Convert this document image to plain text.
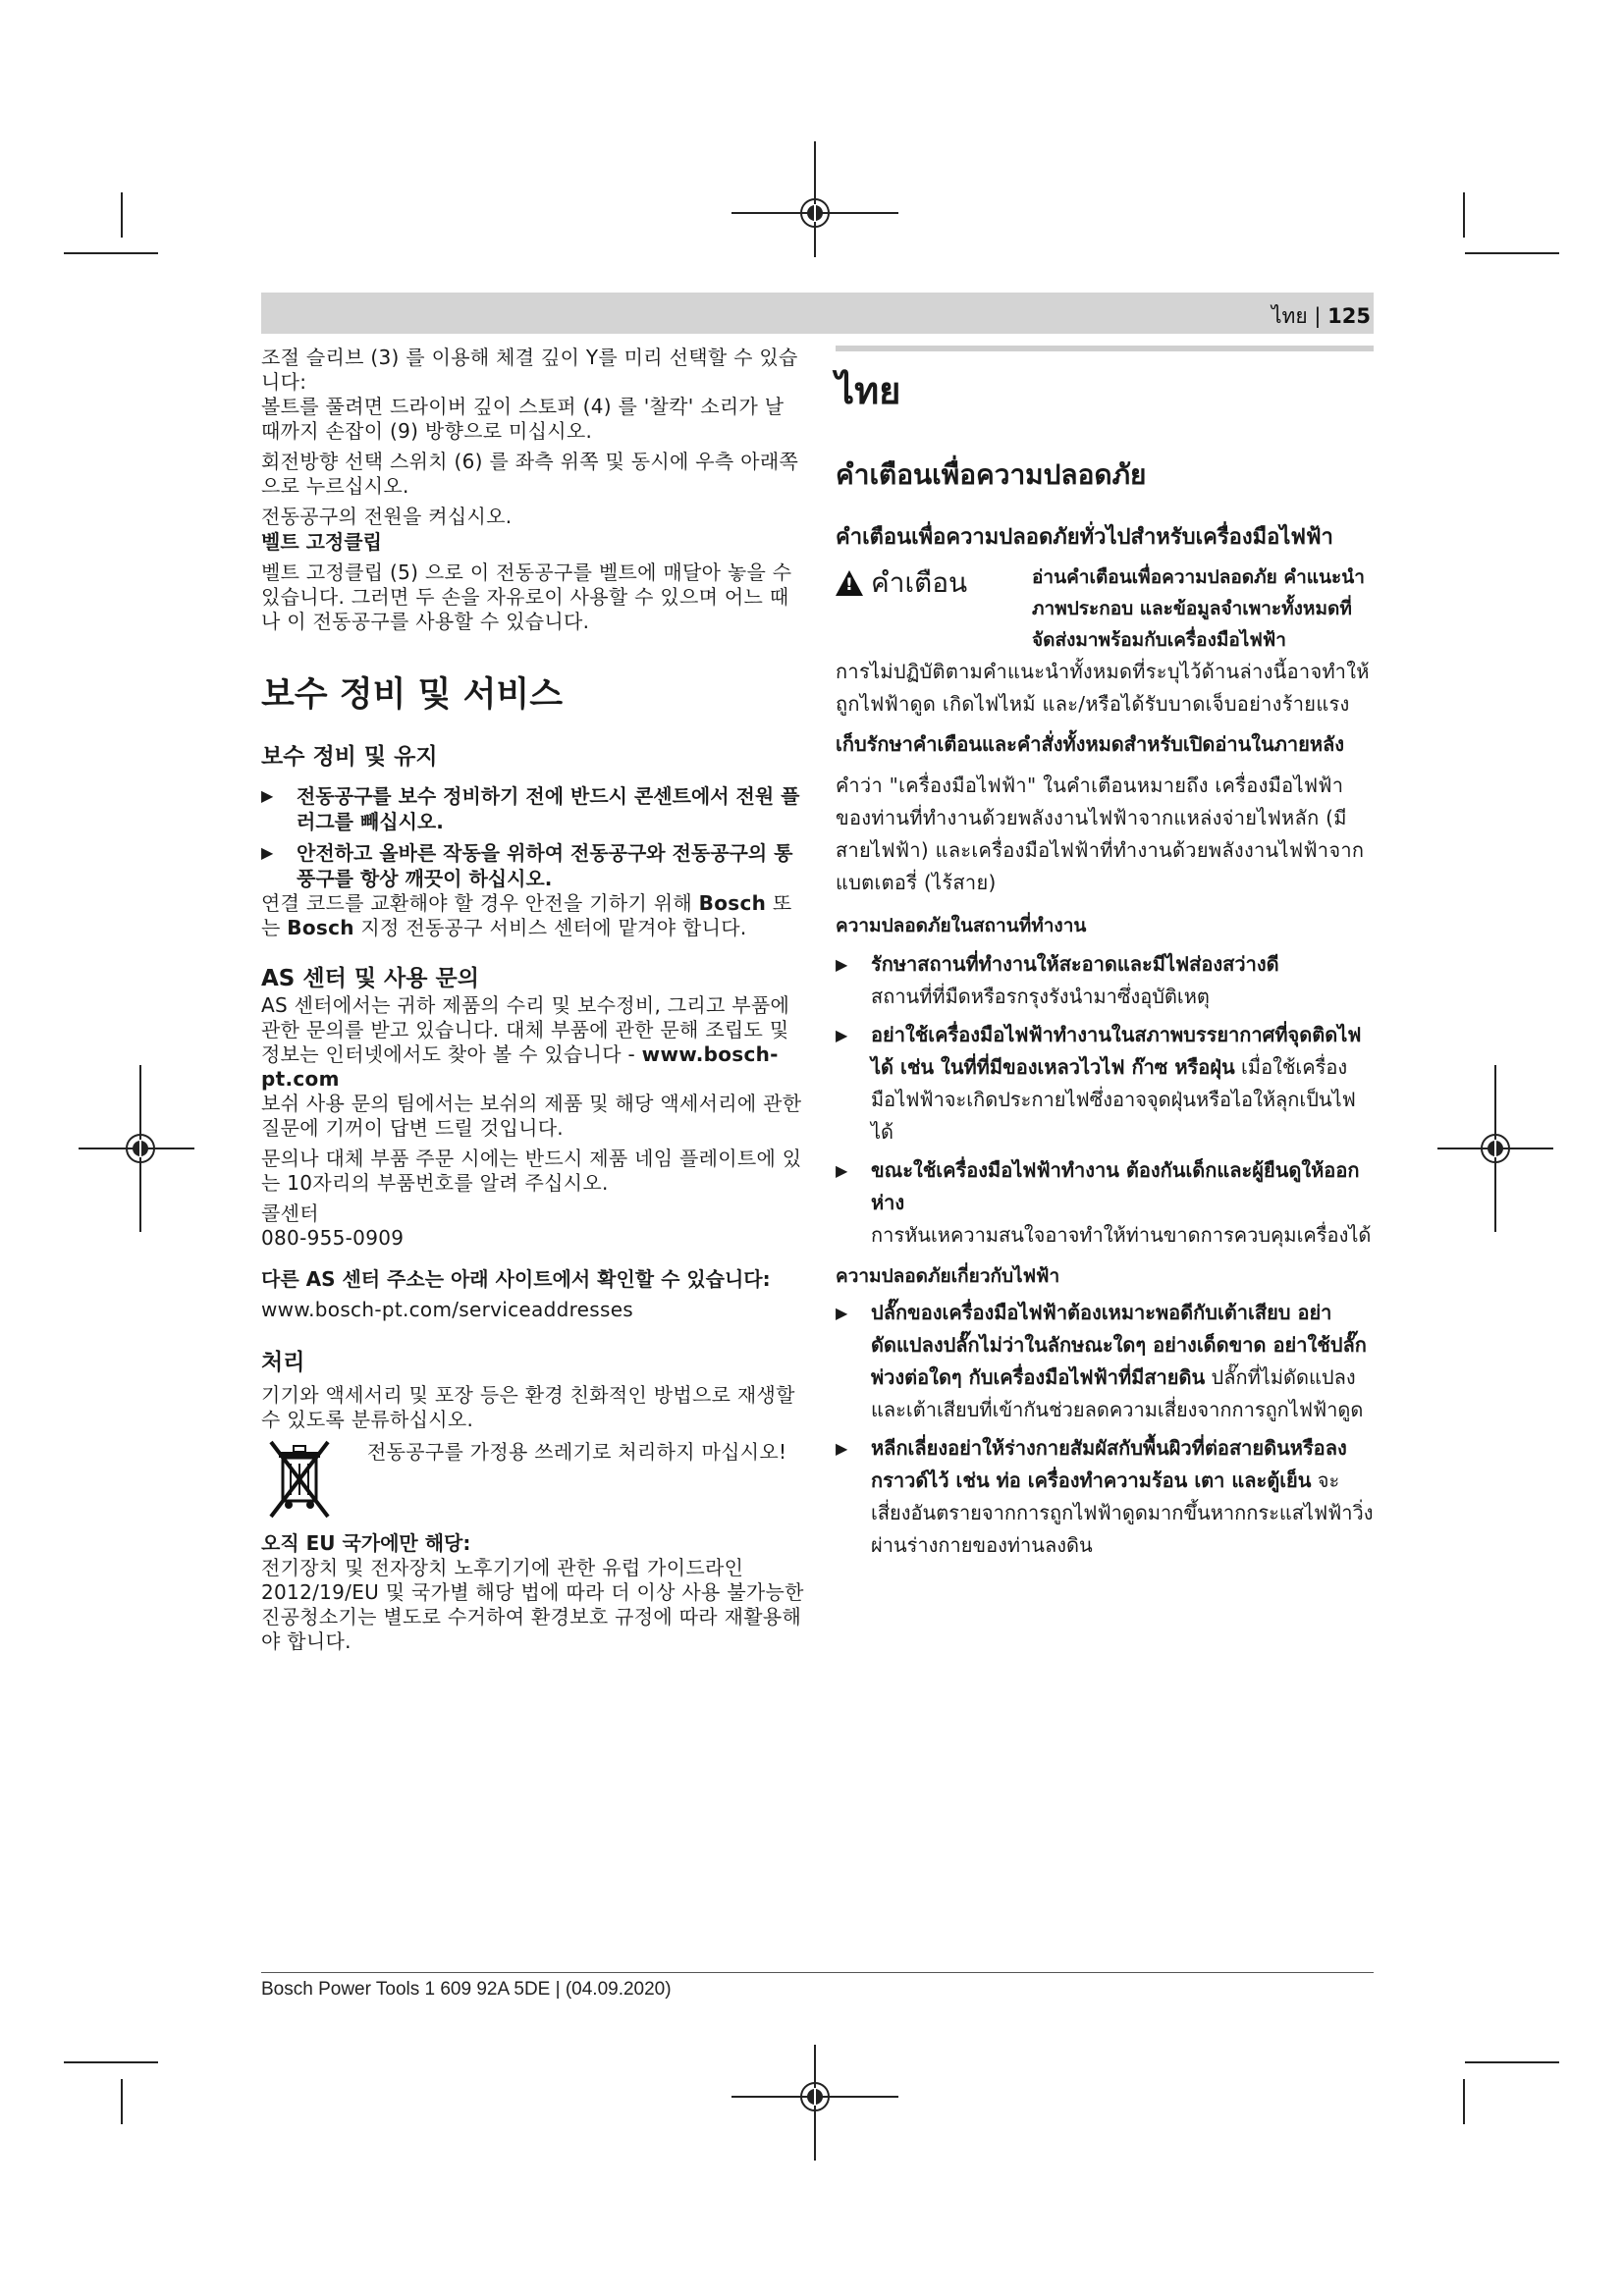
ไทย | 125

조절 슬리브 (3) 를 이용해 체결 깊이 Y를 미리 선택할 수 있습니다:

볼트를 풀려면 드라이버 깊이 스토퍼 (4) 를 '찰칵' 소리가 날 때까지 손잡이 (9) 방향으로 미십시오.

회전방향 선택 스위치 (6) 를 좌측 위쪽 및 동시에 우측 아래쪽으로 누르십시오.

전동공구의 전원을 켜십시오.

벨트 고정클립

벨트 고정클립 (5) 으로 이 전동공구를 벨트에 매달아 놓을 수 있습니다. 그러면 두 손을 자유로이 사용할 수 있으며 어느 때나 이 전동공구를 사용할 수 있습니다.

보수 정비 및 서비스
보수 정비 및 유지
▶ 전동공구를 보수 정비하기 전에 반드시 콘센트에서 전원 플러그를 빼십시오.
▶ 안전하고 올바른 작동을 위하여 전동공구와 전동공구의 통풍구를 항상 깨끗이 하십시오.

연결 코드를 교환해야 할 경우 안전을 기하기 위해 Bosch 또는 Bosch 지정 전동공구 서비스 센터에 맡겨야 합니다.

AS 센터 및 사용 문의

AS 센터에서는 귀하 제품의 수리 및 보수정비, 그리고 부품에 관한 문의를 받고 있습니다. 대체 부품에 관한 문해 조립도 및 정보는 인터넷에서도 찾아 볼 수 있습니다 - www.bosch-pt.com

보쉬 사용 문의 팀에서는 보쉬의 제품 및 해당 액세서리에 관한 질문에 기꺼이 답변 드릴 것입니다.

문의나 대체 부품 주문 시에는 반드시 제품 네임 플레이트에 있는 10자리의 부품번호를 알려 주십시오.

콜센터

080-955-0909

다른 AS 센터 주소는 아래 사이트에서 확인할 수 있습니다:

www.bosch-pt.com/serviceaddresses

처리

기기와 액세서리 및 포장 등은 환경 친화적인 방법으로 재생할 수 있도록 분류하십시오.

전동공구를 가정용 쓰레기로 처리하지 마십시오!

오직 EU 국가에만 해당:

전기장치 및 전자장치 노후기기에 관한 유럽 가이드라인 2012/19/EU 및 국가별 해당 법에 따라 더 이상 사용 불가능한 진공청소기는 별도로 수거하여 환경보호 규정에 따라 재활용해야 합니다.

ไทย
คำเตือนเพื่อความปลอดภัย
คำเตือนเพื่อความปลอดภัยทั่วไปสำหรับเครื่องมือไฟฟ้า
!
คำเตือน	อ่านคำเตือนเพื่อความปลอดภัย คำแนะนำ ภาพประกอบ และข้อมูลจำเพาะทั้งหมดที่จัดส่งมาพร้อมกับเครื่องมือไฟฟ้า

การไม่ปฏิบัติตามคำแนะนำทั้งหมดที่ระบุไว้ด้านล่างนี้อาจทำให้ถูกไฟฟ้าดูด เกิดไฟไหม้ และ/หรือได้รับบาดเจ็บอย่างร้ายแรง

เก็บรักษาคำเตือนและคำสั่งทั้งหมดสำหรับเปิดอ่านในภายหลัง

คำว่า "เครื่องมือไฟฟ้า" ในคำเตือนหมายถึง เครื่องมือไฟฟ้าของท่านที่ทำงานด้วยพลังงานไฟฟ้าจากแหล่งจ่ายไฟหลัก (มีสายไฟฟ้า) และเครื่องมือไฟฟ้าที่ทำงานด้วยพลังงานไฟฟ้าจากแบตเตอรี่ (ไร้สาย)

ความปลอดภัยในสถานที่ทำงาน
▶ รักษาสถานที่ทำงานให้สะอาดและมีไฟส่องสว่างดี
สถานที่ที่มืดหรือรกรุงรังนำมาซึ่งอุบัติเหตุ
▶ อย่าใช้เครื่องมือไฟฟ้าทำงานในสภาพบรรยากาศที่จุดติดไฟได้ เช่น ในที่ที่มีของเหลวไวไฟ ก๊าซ หรือฝุ่น เมื่อใช้เครื่อง มือไฟฟ้าจะเกิดประกายไฟซึ่งอาจจุดฝุ่นหรือไอให้ลุกเป็นไฟได้
▶ ขณะใช้เครื่องมือไฟฟ้าทำงาน ต้องกันเด็กและผู้ยืนดูให้ออกห่าง
การหันเหความสนใจอาจทำให้ท่านขาดการควบคุมเครื่องได้
ความปลอดภัยเกี่ยวกับไฟฟ้า
▶ ปลั๊กของเครื่องมือไฟฟ้าต้องเหมาะพอดีกับเต้าเสียบ อย่าดัดแปลงปลั๊กไม่ว่าในลักษณะใดๆ อย่างเด็ดขาด อย่าใช้ปลั๊กพ่วงต่อใดๆ กับเครื่องมือไฟฟ้าที่มีสายดิน ปลั๊กที่ไม่ดัดแปลงและเต้าเสียบที่เข้ากันช่วยลดความเสี่ยงจากการถูกไฟฟ้าดูด
▶ หลีกเลี่ยงอย่าให้ร่างกายสัมผัสกับพื้นผิวที่ต่อสายดินหรือลงกราวด์ไว้ เช่น ท่อ เครื่องทำความร้อน เตา และตู้เย็น จะเสี่ยงอันตรายจากการถูกไฟฟ้าดูดมากขึ้นหากกระแสไฟฟ้าวิ่งผ่านร่างกายของท่านลงดิน
Bosch Power Tools 1 609 92A 5DE | (04.09.2020)
